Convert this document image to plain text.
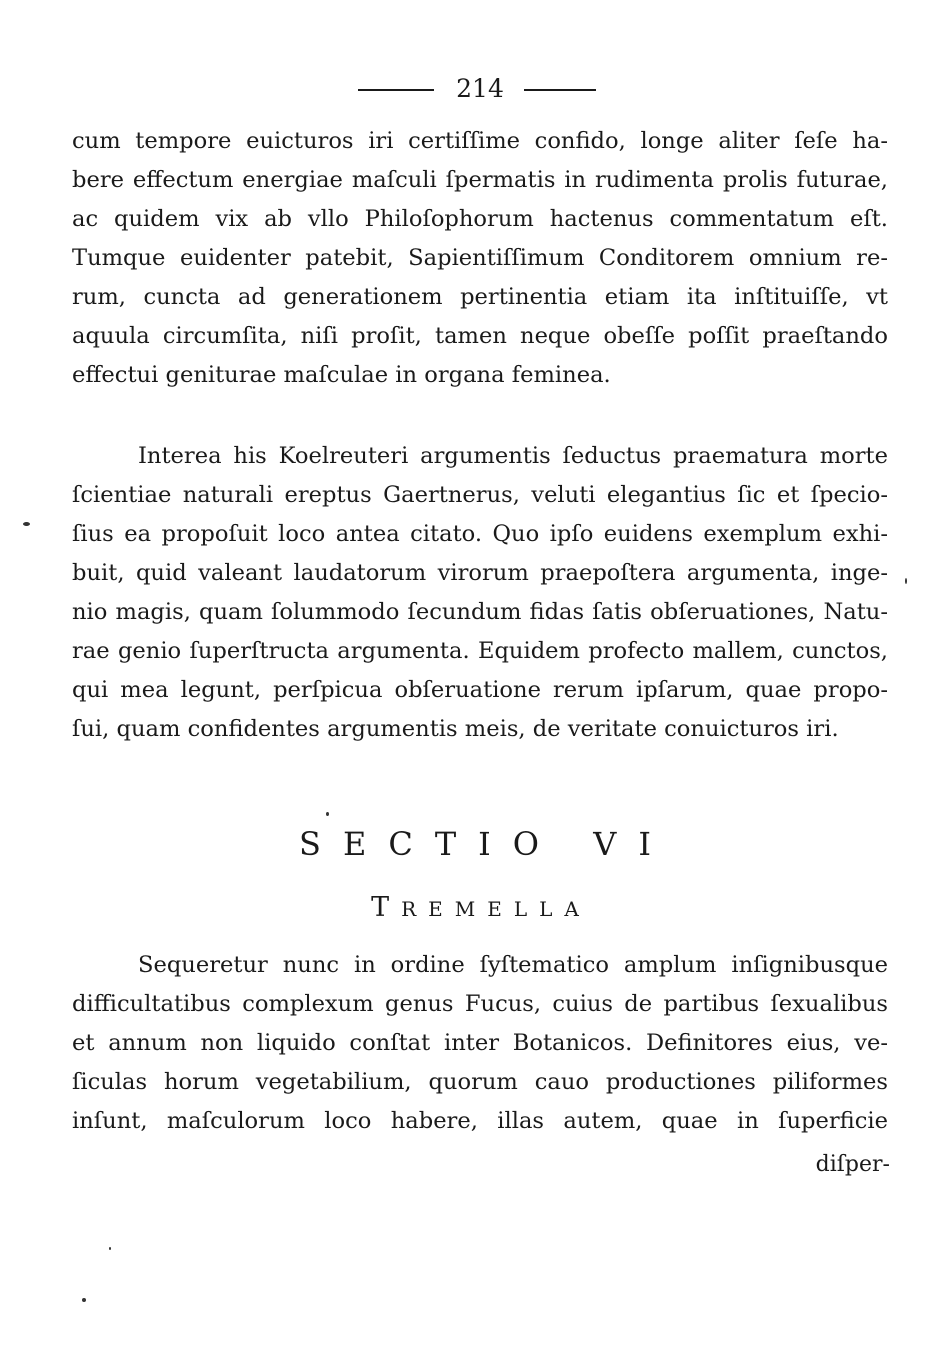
214
cum tempore euicturos iri certiſſime confido, longe aliter ſeſe ha-
bere effectum energiae maſculi ſpermatis in rudimenta prolis futurae,
ac quidem vix ab vllo Philoſophorum hactenus commentatum eſt.
Tumque euidenter patebit, Sapientiſſimum Conditorem omnium re-
rum, cuncta ad generationem pertinentia etiam ita inſtituiſſe, vt
aquula circumſita, niſi proſit, tamen neque obeſſe poſſit praeſtando
effectui geniturae maſculae in organa feminea.
Interea his Koelreuteri argumentis ſeductus praematura morte
ſcientiae naturali ereptus Gaertnerus, veluti elegantius ſic et ſpecio-
ſius ea propoſuit loco antea citato. Quo ipſo euidens exemplum exhi-
buit, quid valeant laudatorum virorum praepoſtera argumenta, inge-
nio magis, quam ſolummodo ſecundum fidas ſatis obſeruationes, Natu-
rae genio ſuperſtructa argumenta. Equidem profecto mallem, cunctos,
qui mea legunt, perſpicua obſeruatione rerum ipſarum, quae propo-
ſui, quam confidentes argumentis meis, de veritate conuicturos iri.
SECTIO VI
TREMELLA
Sequeretur nunc in ordine ſyſtematico amplum inſignibusque
difficultatibus complexum genus Fucus, cuius de partibus ſexualibus
et annum non liquido conſtat inter Botanicos. Definitores eius, ve-
ſiculas horum vegetabilium, quorum cauo productiones piliformes
inſunt, maſculorum loco habere, illas autem, quae in ſuperficie
diſper-
